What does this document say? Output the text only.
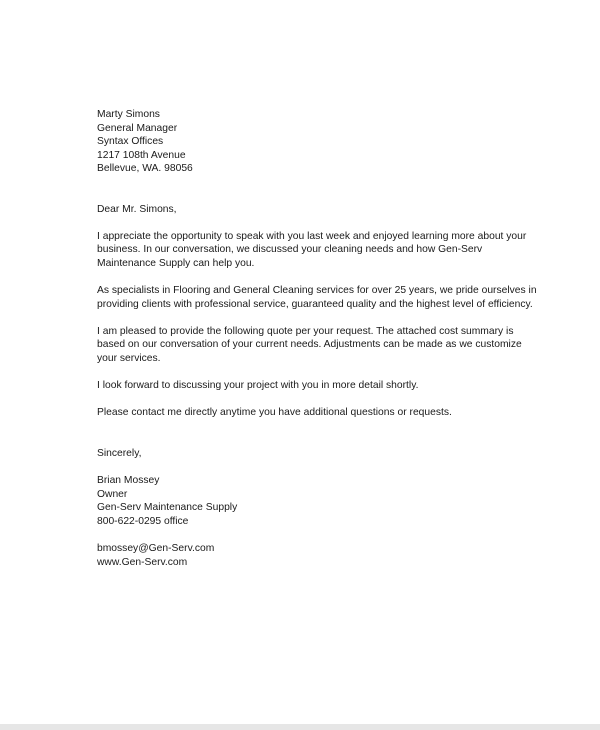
Marty Simons
General Manager
Syntax Offices
1217 108th Avenue
Bellevue, WA. 98056
Dear Mr. Simons,
I appreciate the opportunity to speak with you last week and enjoyed learning more about your
business. In our conversation, we discussed your cleaning needs and how Gen-Serv
Maintenance Supply can help you.
As specialists in Flooring and General Cleaning services for over 25 years, we pride ourselves in
providing clients with professional service, guaranteed quality and the highest level of efficiency.
I am pleased to provide the following quote per your request. The attached cost summary is
based on our conversation of your current needs. Adjustments can be made as we customize
your services.
I look forward to discussing your project with you in more detail shortly.
Please contact me directly anytime you have additional questions or requests.
Sincerely,
Brian Mossey
Owner
Gen-Serv Maintenance Supply
800-622-0295 office
bmossey@Gen-Serv.com
www.Gen-Serv.com
